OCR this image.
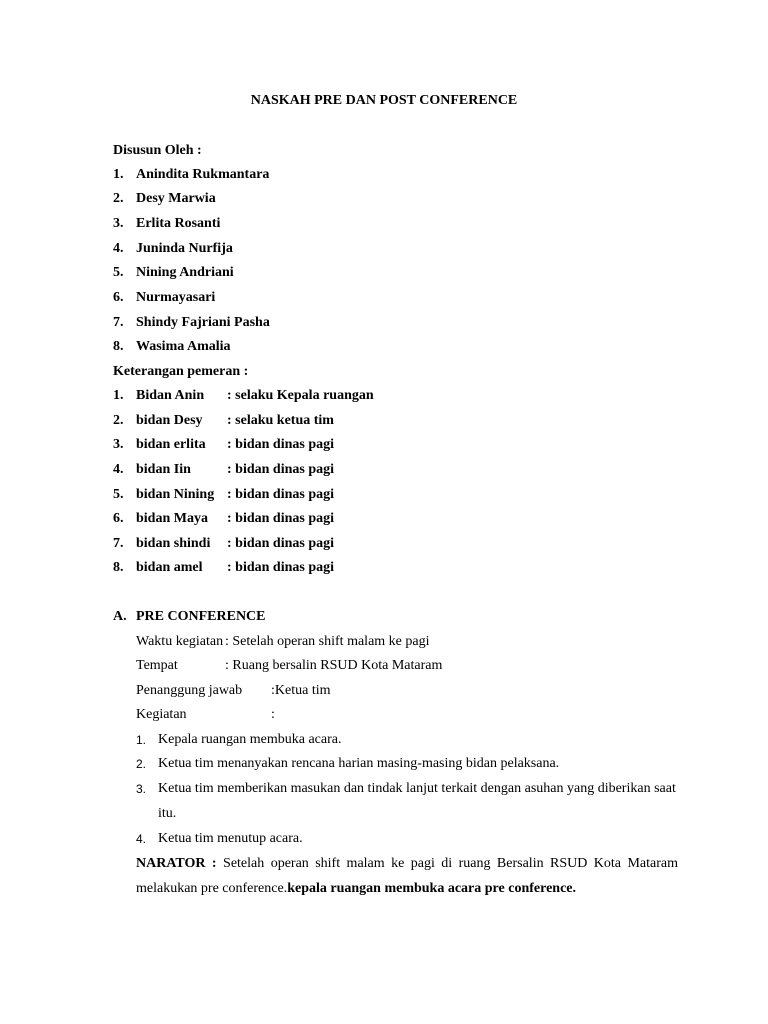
NASKAH PRE DAN POST CONFERENCE
Disusun Oleh :
1. Anindita Rukmantara
2. Desy Marwia
3. Erlita Rosanti
4. Juninda Nurfija
5. Nining Andriani
6. Nurmayasari
7. Shindy Fajriani Pasha
8. Wasima Amalia
Keterangan pemeran :
1. Bidan Anin : selaku Kepala ruangan
2. bidan Desy : selaku ketua tim
3. bidan erlita : bidan dinas pagi
4. bidan Iin	: bidan dinas pagi
5. bidan Nining : bidan dinas pagi
6. bidan Maya : bidan dinas pagi
7. bidan shindi : bidan dinas pagi
8. bidan amel : bidan dinas pagi
A. PRE CONFERENCE
Waktu kegiatan : Setelah operan shift malam ke pagi
Tempat	: Ruang bersalin RSUD Kota Mataram
Penanggung jawab :Ketua tim
Kegiatan	:
1. Kepala ruangan membuka acara.
2. Ketua tim menanyakan rencana harian masing-masing bidan pelaksana.
3. Ketua tim memberikan masukan dan tindak lanjut terkait dengan asuhan yang diberikan saat
itu.
4. Ketua tim menutup acara.
NARATOR : Setelah operan shift malam ke pagi di ruang Bersalin RSUD Kota Mataram
melakukan pre conference.kepala ruangan membuka acara pre conference.
